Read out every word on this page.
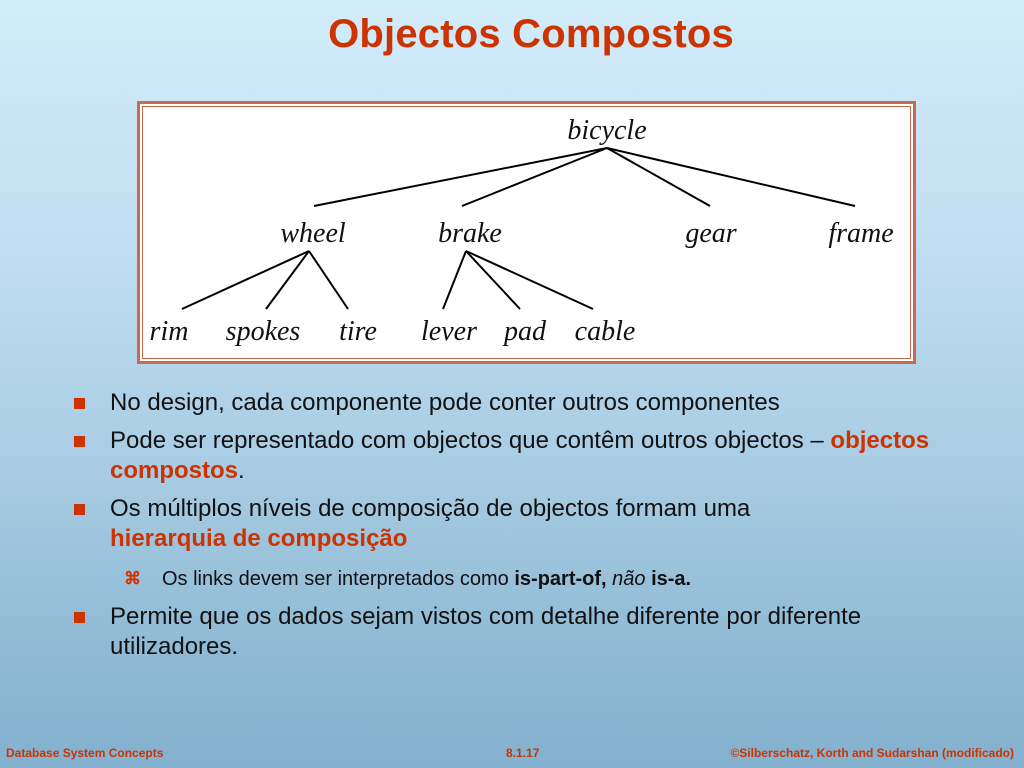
Objectos Compostos
bicycle
wheel	brake	gear	frame
rim spokes tire lever pad cable
No design, cada componente pode conter outros componentes
Pode ser representado com objectos que contêm outros objectos – objectos compostos.
Os múltiplos níveis de composição de objectos formam uma
hierarquia de composição
⌘ Os links devem ser interpretados como is-part-of, não is-a.
Permite que os dados sejam vistos com detalhe diferente por diferente utilizadores.
Database System Concepts	8.1.17	©Silberschatz, Korth and Sudarshan (modificado)
